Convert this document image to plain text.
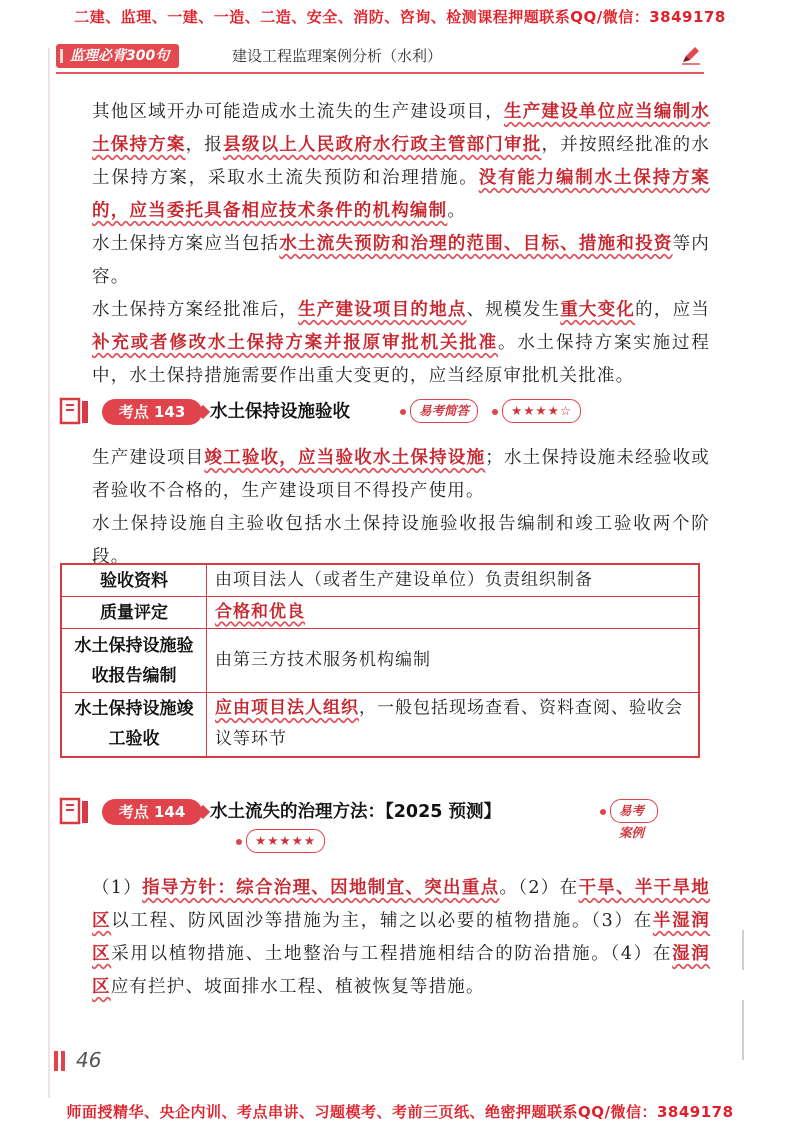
二建、监理、一建、一造、二造、安全、消防、咨询、检测课程押题联系QQ/微信：3849178
监理必背300句	建设工程监理案例分析（水利）

其他区域开办可能造成水土流失的生产建设项目，生产建设单位应当编制水土保持方案，报县级以上人民政府水行政主管部门审批，并按照经批准的水土保持方案，采取水土流失预防和治理措施。没有能力编制水土保持方案的，应当委托具备相应技术条件的机构编制。

水土保持方案应当包括水土流失预防和治理的范围、目标、措施和投资等内容。

水土保持方案经批准后，生产建设项目的地点、规模发生重大变化的，应当补充或者修改水土保持方案并报原审批机关批准。水土保持方案实施过程中，水土保持措施需要作出重大变更的，应当经原审批机关批准。

考点 143	水土保持设施验收	易考简答	★★★★☆

生产建设项目竣工验收，应当验收水土保持设施；水土保持设施未经验收或者验收不合格的，生产建设项目不得投产使用。

水土保持设施自主验收包括水土保持设施验收报告编制和竣工验收两个阶段。

验收资料	由项目法人（或者生产建设单位）负责组织制备
质量评定	合格和优良
水土保持设施验收报告编制	由第三方技术服务机构编制
水土保持设施竣工验收	应由项目法人组织，一般包括现场查看、资料查阅、验收会议等环节
考点 144	水土流失的治理方法：【2025 预测】	易考案例
★★★★★

（1）指导方针：综合治理、因地制宜、突出重点。（2）在干旱、半干旱地区以工程、防风固沙等措施为主，辅之以必要的植物措施。（3）在半湿润区采用以植物措施、土地整治与工程措施相结合的防治措施。（4）在湿润区应有拦护、坡面排水工程、植被恢复等措施。

46
师面授精华、央企内训、考点串讲、习题模考、考前三页纸、绝密押题联系QQ/微信：3849178
